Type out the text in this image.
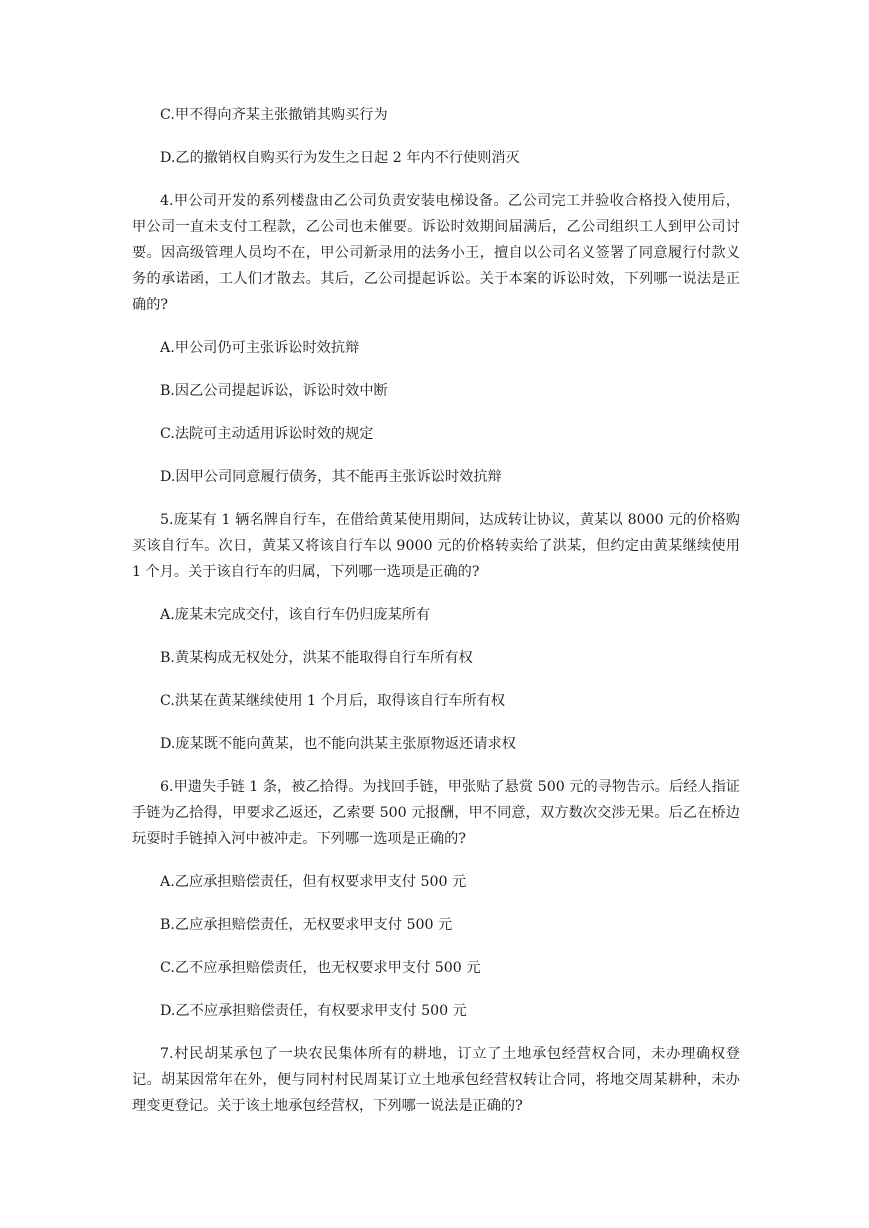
C.甲不得向齐某主张撤销其购买行为

D.乙的撤销权自购买行为发生之日起 2 年内不行使则消灭

4.甲公司开发的系列楼盘由乙公司负责安装电梯设备。乙公司完工并验收合格投入使用后，甲公司一直未支付工程款，乙公司也未催要。诉讼时效期间届满后，乙公司组织工人到甲公司讨要。因高级管理人员均不在，甲公司新录用的法务小王，擅自以公司名义签署了同意履行付款义务的承诺函，工人们才散去。其后，乙公司提起诉讼。关于本案的诉讼时效，下列哪一说法是正确的?

A.甲公司仍可主张诉讼时效抗辩

B.因乙公司提起诉讼，诉讼时效中断

C.法院可主动适用诉讼时效的规定

D.因甲公司同意履行债务，其不能再主张诉讼时效抗辩

5.庞某有 1 辆名牌自行车，在借给黄某使用期间，达成转让协议，黄某以 8000 元的价格购买该自行车。次日，黄某又将该自行车以 9000 元的价格转卖给了洪某，但约定由黄某继续使用 1 个月。关于该自行车的归属，下列哪一选项是正确的?

A.庞某未完成交付，该自行车仍归庞某所有

B.黄某构成无权处分，洪某不能取得自行车所有权

C.洪某在黄某继续使用 1 个月后，取得该自行车所有权

D.庞某既不能向黄某，也不能向洪某主张原物返还请求权

6.甲遗失手链 1 条，被乙拾得。为找回手链，甲张贴了悬赏 500 元的寻物告示。后经人指证手链为乙拾得，甲要求乙返还，乙索要 500 元报酬，甲不同意，双方数次交涉无果。后乙在桥边玩耍时手链掉入河中被冲走。下列哪一选项是正确的?

A.乙应承担赔偿责任，但有权要求甲支付 500 元

B.乙应承担赔偿责任，无权要求甲支付 500 元

C.乙不应承担赔偿责任，也无权要求甲支付 500 元

D.乙不应承担赔偿责任，有权要求甲支付 500 元

7.村民胡某承包了一块农民集体所有的耕地，订立了土地承包经营权合同，未办理确权登记。胡某因常年在外，便与同村村民周某订立土地承包经营权转让合同，将地交周某耕种，未办理变更登记。关于该土地承包经营权，下列哪一说法是正确的?
